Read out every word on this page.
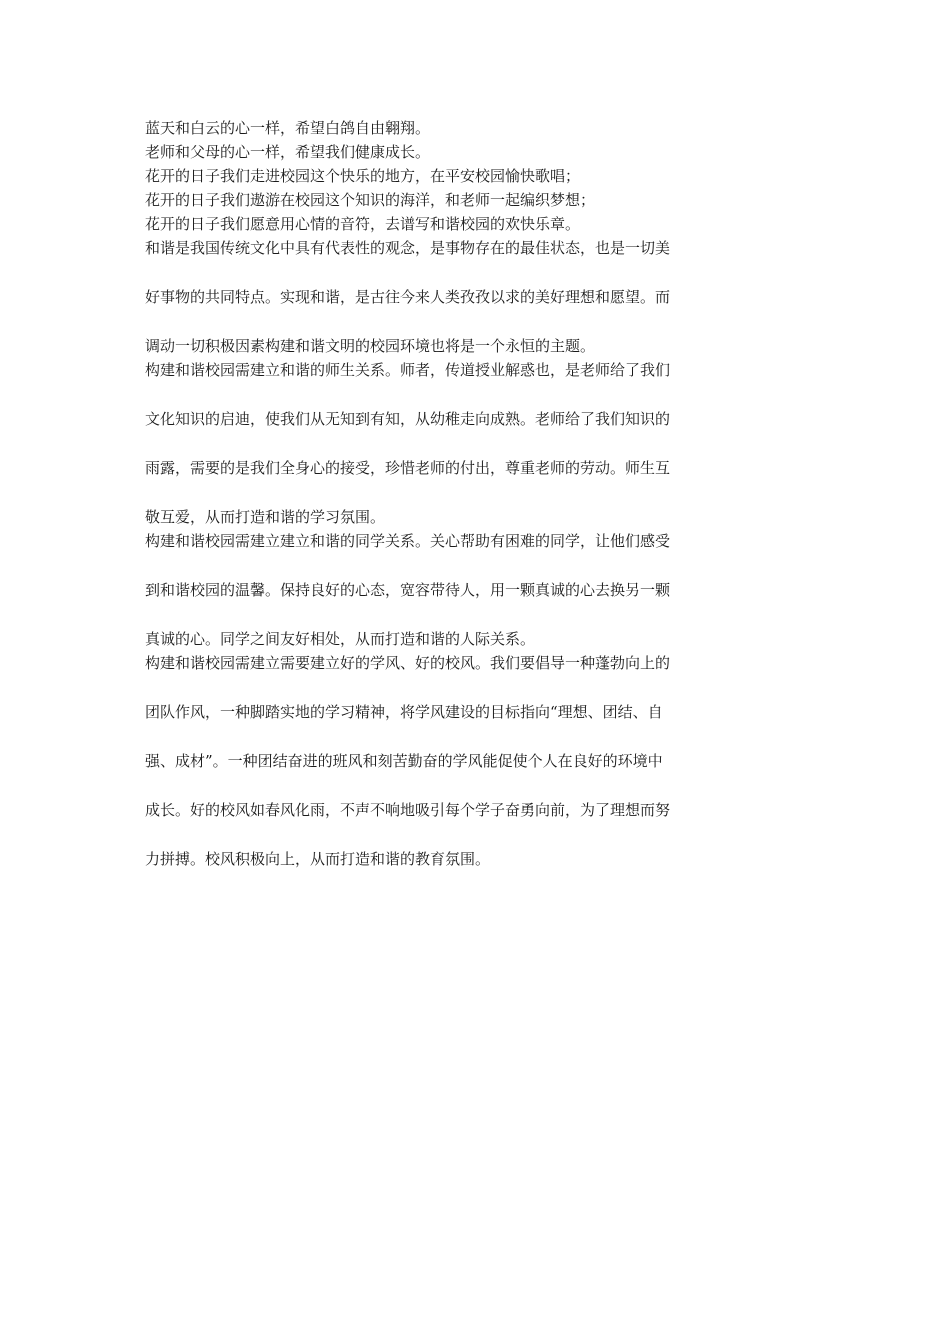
蓝天和白云的心一样，希望白鸽自由翱翔。
老师和父母的心一样，希望我们健康成长。
花开的日子我们走进校园这个快乐的地方，在平安校园愉快歌唱；
花开的日子我们遨游在校园这个知识的海洋，和老师一起编织梦想；
花开的日子我们愿意用心情的音符，去谱写和谐校园的欢快乐章。
和谐是我国传统文化中具有代表性的观念，是事物存在的最佳状态，也是一切美
好事物的共同特点。实现和谐，是古往今来人类孜孜以求的美好理想和愿望。而
调动一切积极因素构建和谐文明的校园环境也将是一个永恒的主题。
构建和谐校园需建立和谐的师生关系。师者，传道授业解惑也，是老师给了我们
文化知识的启迪，使我们从无知到有知，从幼稚走向成熟。老师给了我们知识的
雨露，需要的是我们全身心的接受，珍惜老师的付出，尊重老师的劳动。师生互
敬互爱，从而打造和谐的学习氛围。
构建和谐校园需建立建立和谐的同学关系。关心帮助有困难的同学，让他们感受
到和谐校园的温馨。保持良好的心态，宽容带待人，用一颗真诚的心去换另一颗
真诚的心。同学之间友好相处，从而打造和谐的人际关系。
构建和谐校园需建立需要建立好的学风、好的校风。我们要倡导一种蓬勃向上的
团队作风，一种脚踏实地的学习精神，将学风建设的目标指向“理想、团结、自
强、成材”。一种团结奋进的班风和刻苦勤奋的学风能促使个人在良好的环境中
成长。好的校风如春风化雨，不声不响地吸引每个学子奋勇向前，为了理想而努
力拼搏。校风积极向上，从而打造和谐的教育氛围。
